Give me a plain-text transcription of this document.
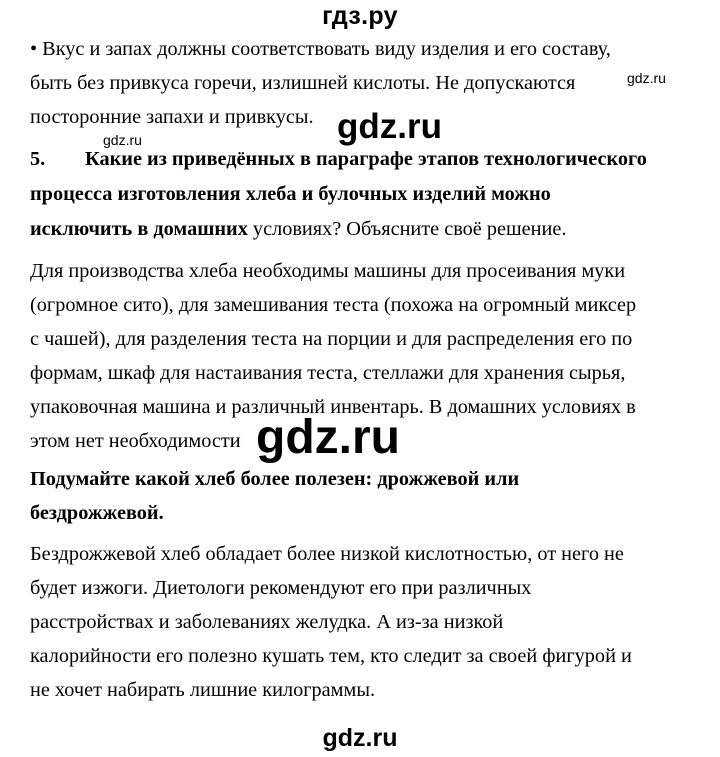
гдз.ру
• Вкус и запах должны соответствовать виду изделия и его составу,
быть без привкуса горечи, излишней кислоты. Не допускаются
посторонние запахи и привкусы.
5. Какие из приведённых в параграфе этапов технологического
процесса изготовления хлеба и булочных изделий можно
исключить в домашних условиях? Объясните своё решение.
Для производства хлеба необходимы машины для просеивания муки
(огромное сито), для замешивания теста (похожа на огромный миксер
с чашей), для разделения теста на порции и для распределения его по
формам, шкаф для настаивания теста, стеллажи для хранения сырья,
упаковочная машина и различный инвентарь. В домашних условиях в
этом нет необходимости
Подумайте какой хлеб более полезен: дрожжевой или
бездрожжевой.
Бездрожжевой хлеб обладает более низкой кислотностью, от него не
будет изжоги. Диетологи рекомендуют его при различных
расстройствах и заболеваниях желудка. А из-за низкой
калорийности его полезно кушать тем, кто следит за своей фигурой и
не хочет набирать лишние килограммы.
gdz.ru
gdz.ru	gdz.ru
gdz.ru
gdz.ru
